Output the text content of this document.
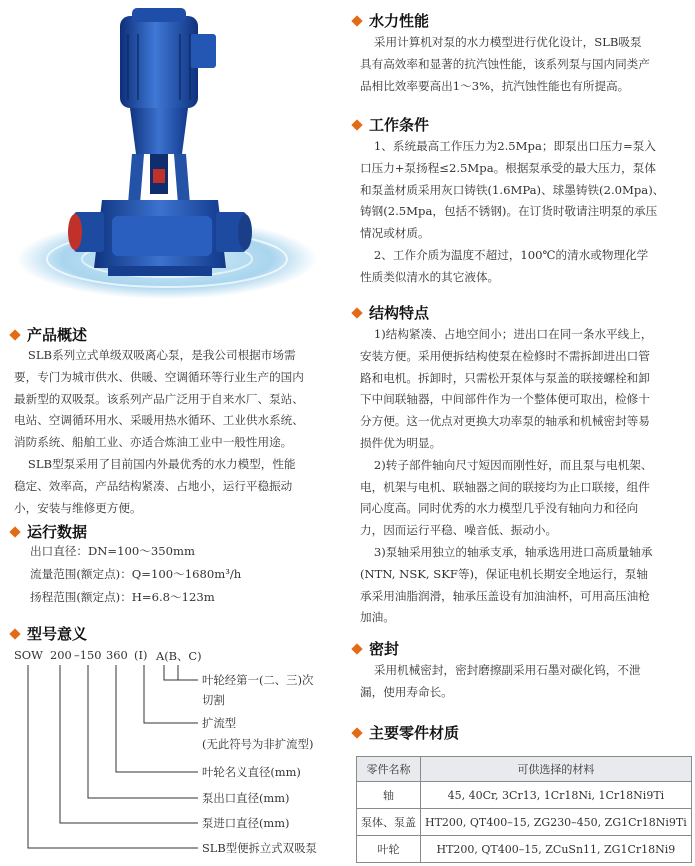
产品概述
SLB系列立式单级双吸离心泵，是我公司根据市场需
要，专门为城市供水、供暖、空调循环等行业生产的国内
最新型的双吸泵。该系列产品广泛用于自来水厂、泵站、
电站、空调循环用水、采暖用热水循环、工业供水系统、
消防系统、船舶工业、亦适合炼油工业中一般性用途。
SLB型泵采用了目前国内外最优秀的水力模型，性能
稳定、效率高，产品结构紧凑、占地小，运行平稳振动
小，安装与维修更方便。
运行数据
出口直径：DN=100～350mm
流量范围(额定点)：Q=100～1680m³/h
扬程范围(额定点)：H=6.8～123m
型号意义
SOW 200 –150 360 (I) A(B、C)
叶轮经第一(二、三)次
切割
扩流型
(无此符号为非扩流型)
叶轮名义直径(mm)
泵出口直径(mm)
泵进口直径(mm)
SLB型便拆立式双吸泵
水力性能
采用计算机对泵的水力模型进行优化设计，SLB吸泵
具有高效率和显著的抗汽蚀性能，该系列泵与国内同类产
品相比效率要高出1～3%，抗汽蚀性能也有所提高。
工作条件
1、系统最高工作压力为2.5Mpa；即泵出口压力=泵入
口压力+泵扬程≤2.5Mpa。根据泵承受的最大压力，泵体
和泵盖材质采用灰口铸铁(1.6MPa)、球墨铸铁(2.0Mpa)、
铸钢(2.5Mpa，包括不锈钢)。在订货时敬请注明泵的承压
情况或材质。
2、工作介质为温度不超过，100℃的清水或物理化学
性质类似清水的其它液体。
结构特点
1)结构紧凑、占地空间小；进出口在同一条水平线上，
安装方便。采用便拆结构使泵在检修时不需拆卸进出口管
路和电机。拆卸时，只需松开泵体与泵盖的联接螺栓和卸
下中间联轴器，中间部件作为一个整体便可取出，检修十
分方便。这一优点对更换大功率泵的轴承和机械密封等易
损件优为明显。
2)转子部件轴向尺寸短因而刚性好，而且泵与电机架、
电，机架与电机、联轴器之间的联接均为止口联接，组件
同心度高。同时优秀的水力模型几乎没有轴向力和径向
力，因而运行平稳、噪音低、振动小。
3)泵轴采用独立的轴承支承，轴承选用进口高质量轴承
(NTN, NSK, SKF等)，保证电机长期安全地运行，泵轴
承采用油脂润滑，轴承压盖设有加油油杯，可用高压油枪
加油。
密封
采用机械密封，密封磨擦副采用石墨对碳化钨，不泄
漏，使用寿命长。
主要零件材质
零件名称	可供选择的材料
轴	45, 40Cr, 3Cr13, 1Cr18Ni, 1Cr18Ni9Ti
泵体、泵盖	HT200, QT400–15, ZG230–450, ZG1Cr18Ni9Ti
叶轮	HT200, QT400–15, ZCuSn11, ZG1Cr18Ni9
